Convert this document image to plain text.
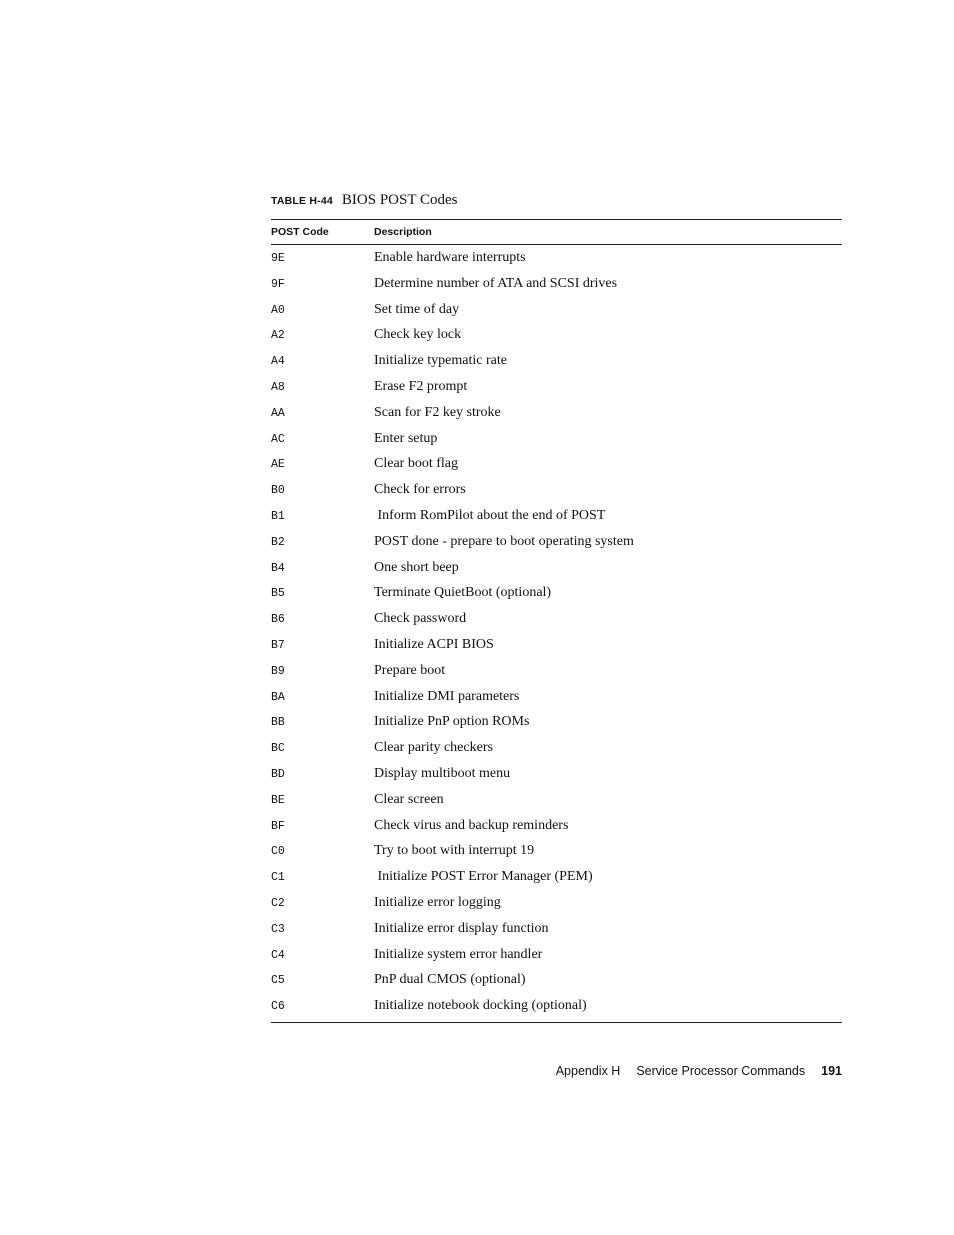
TABLE H-44 BIOS POST Codes
POST Code	Description
9E	Enable hardware interrupts
9F	Determine number of ATA and SCSI drives
A0	Set time of day
A2	Check key lock
A4	Initialize typematic rate
A8	Erase F2 prompt
AA	Scan for F2 key stroke
AC	Enter setup
AE	Clear boot flag
B0	Check for errors
B1	Inform RomPilot about the end of POST
B2	POST done - prepare to boot operating system
B4	One short beep
B5	Terminate QuietBoot (optional)
B6	Check password
B7	Initialize ACPI BIOS
B9	Prepare boot
BA	Initialize DMI parameters
BB	Initialize PnP option ROMs
BC	Clear parity checkers
BD	Display multiboot menu
BE	Clear screen
BF	Check virus and backup reminders
C0	Try to boot with interrupt 19
C1	Initialize POST Error Manager (PEM)
C2	Initialize error logging
C3	Initialize error display function
C4	Initialize system error handler
C5	PnP dual CMOS (optional)
C6	Initialize notebook docking (optional)
Appendix H Service Processor Commands 191
